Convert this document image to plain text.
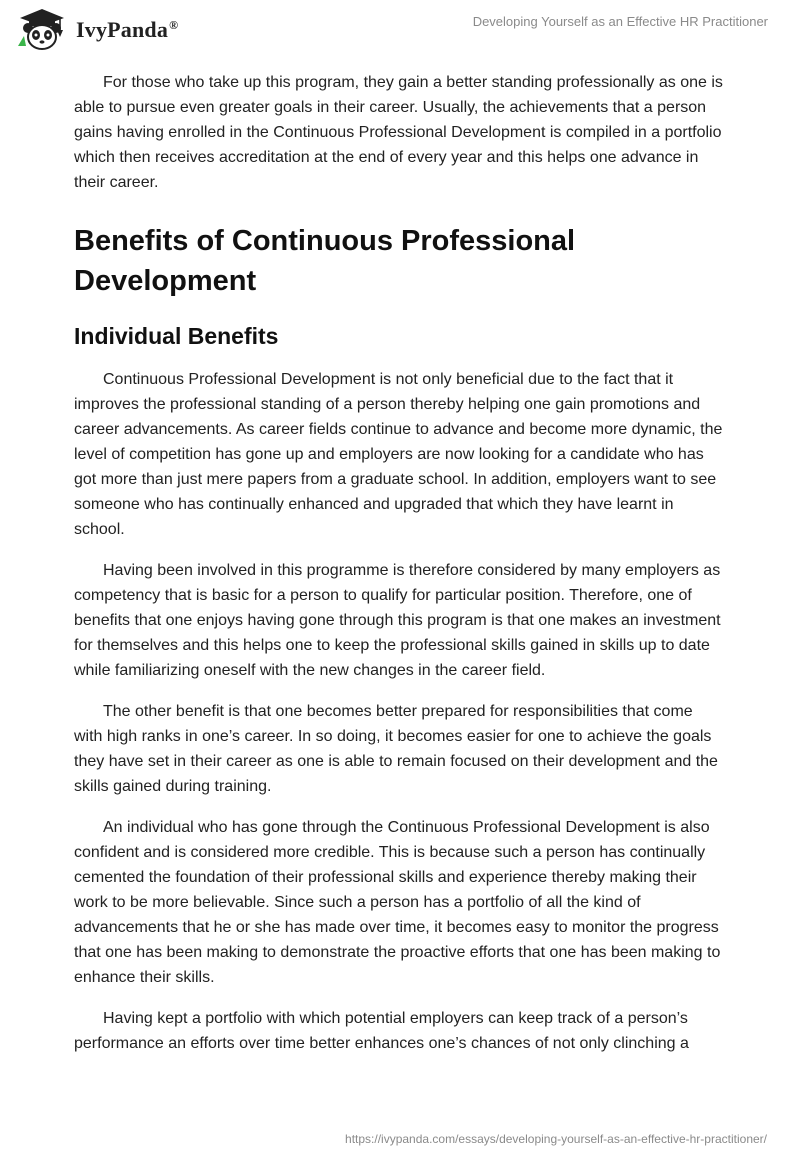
IvyPanda®	Developing Yourself as an Effective HR Practitioner

For those who take up this program, they gain a better standing professionally as one is able to pursue even greater goals in their career. Usually, the achievements that a person gains having enrolled in the Continuous Professional Development is compiled in a portfolio which then receives accreditation at the end of every year and this helps one advance in their career.

Benefits of Continuous Professional Development
Individual Benefits

Continuous Professional Development is not only beneficial due to the fact that it improves the professional standing of a person thereby helping one gain promotions and career advancements. As career fields continue to advance and become more dynamic, the level of competition has gone up and employers are now looking for a candidate who has got more than just mere papers from a graduate school. In addition, employers want to see someone who has continually enhanced and upgraded that which they have learnt in school.

Having been involved in this programme is therefore considered by many employers as competency that is basic for a person to qualify for particular position. Therefore, one of benefits that one enjoys having gone through this program is that one makes an investment for themselves and this helps one to keep the professional skills gained in skills up to date while familiarizing oneself with the new changes in the career field.

The other benefit is that one becomes better prepared for responsibilities that come with high ranks in one’s career. In so doing, it becomes easier for one to achieve the goals they have set in their career as one is able to remain focused on their development and the skills gained during training.

An individual who has gone through the Continuous Professional Development is also confident and is considered more credible. This is because such a person has continually cemented the foundation of their professional skills and experience thereby making their work to be more believable. Since such a person has a portfolio of all the kind of advancements that he or she has made over time, it becomes easy to monitor the progress that one has been making to demonstrate the proactive efforts that one has been making to enhance their skills.

Having kept a portfolio with which potential employers can keep track of a person’s performance an efforts over time better enhances one’s chances of not only clinching a

https://ivypanda.com/essays/developing-yourself-as-an-effective-hr-practitioner/
